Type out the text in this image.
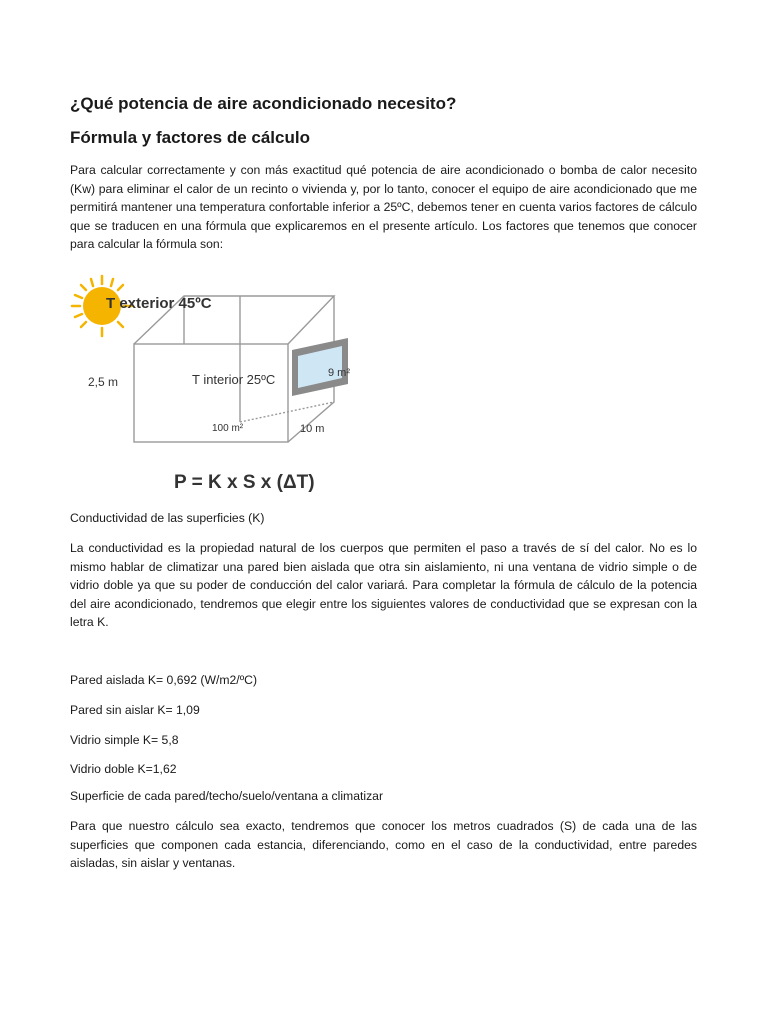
¿Qué potencia de aire acondicionado necesito?
Fórmula y factores de cálculo

Para calcular correctamente y con más exactitud qué potencia de aire acondicionado o bomba de calor necesito (Kw) para eliminar el calor de un recinto o vivienda y, por lo tanto, conocer el equipo de aire acondicionado que me permitirá mantener una temperatura confortable inferior a 25ºC, debemos tener en cuenta varios factores de cálculo que se traducen en una fórmula que explicaremos en el presente artículo. Los factores que tenemos que conocer para calcular la fórmula son:

T exterior 45ºC
T interior 25ºC
2,5 m
100 m²	10 m
9 m²
P = K x S x (ΔT)

Conductividad de las superficies (K)

La conductividad es la propiedad natural de los cuerpos que permiten el paso a través de sí del calor. No es lo mismo hablar de climatizar una pared bien aislada que otra sin aislamiento, ni una ventana de vidrio simple o de vidrio doble ya que su poder de conducción del calor variará. Para completar la fórmula de cálculo de la potencia del aire acondicionado, tendremos que elegir entre los siguientes valores de conductividad que se expresan con la letra K.

Pared aislada K= 0,692 (W/m2/ºC)

Pared sin aislar K= 1,09

Vidrio simple K= 5,8

Vidrio doble K=1,62

Superficie de cada pared/techo/suelo/ventana a climatizar

Para que nuestro cálculo sea exacto, tendremos que conocer los metros cuadrados (S) de cada una de las superficies que componen cada estancia, diferenciando, como en el caso de la conductividad, entre paredes aisladas, sin aislar y ventanas.
